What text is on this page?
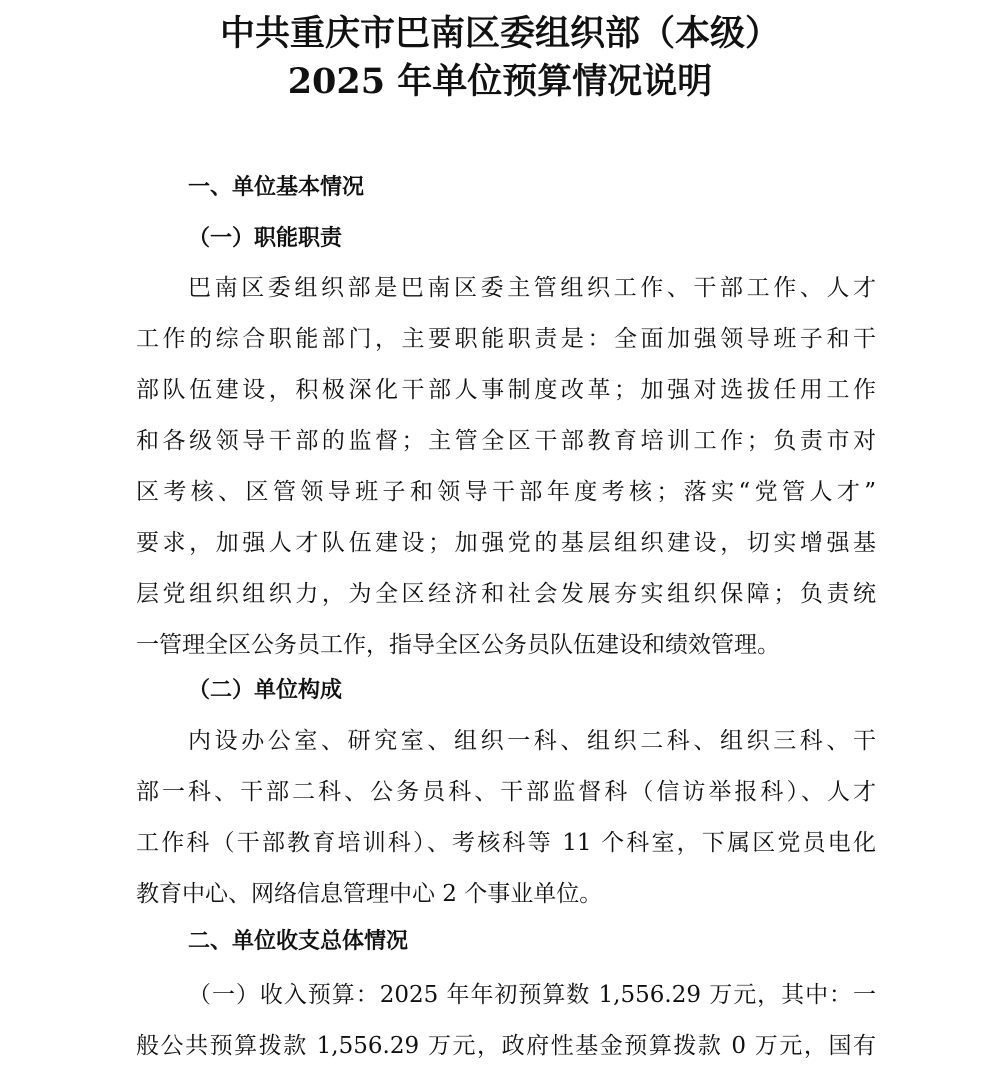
中共重庆市巴南区委组织部（本级）
2025 年单位预算情况说明
一、单位基本情况
（一）职能职责
巴南区委组织部是巴南区委主管组织工作、干部工作、人才
工作的综合职能部门，主要职能职责是：全面加强领导班子和干
部队伍建设，积极深化干部人事制度改革；加强对选拔任用工作
和各级领导干部的监督；主管全区干部教育培训工作；负责市对
区考核、区管领导班子和领导干部年度考核；落实“党管人才”
要求，加强人才队伍建设；加强党的基层组织建设，切实增强基
层党组织组织力，为全区经济和社会发展夯实组织保障；负责统
一管理全区公务员工作，指导全区公务员队伍建设和绩效管理。
（二）单位构成
内设办公室、研究室、组织一科、组织二科、组织三科、干
部一科、干部二科、公务员科、干部监督科（信访举报科）、人才
工作科（干部教育培训科）、考核科等 11 个科室，下属区党员电化
教育中心、网络信息管理中心 2 个事业单位。
二、单位收支总体情况
（一）收入预算：2025 年年初预算数 1,556.29 万元，其中：一
般公共预算拨款 1,556.29 万元，政府性基金预算拨款 0 万元，国有
